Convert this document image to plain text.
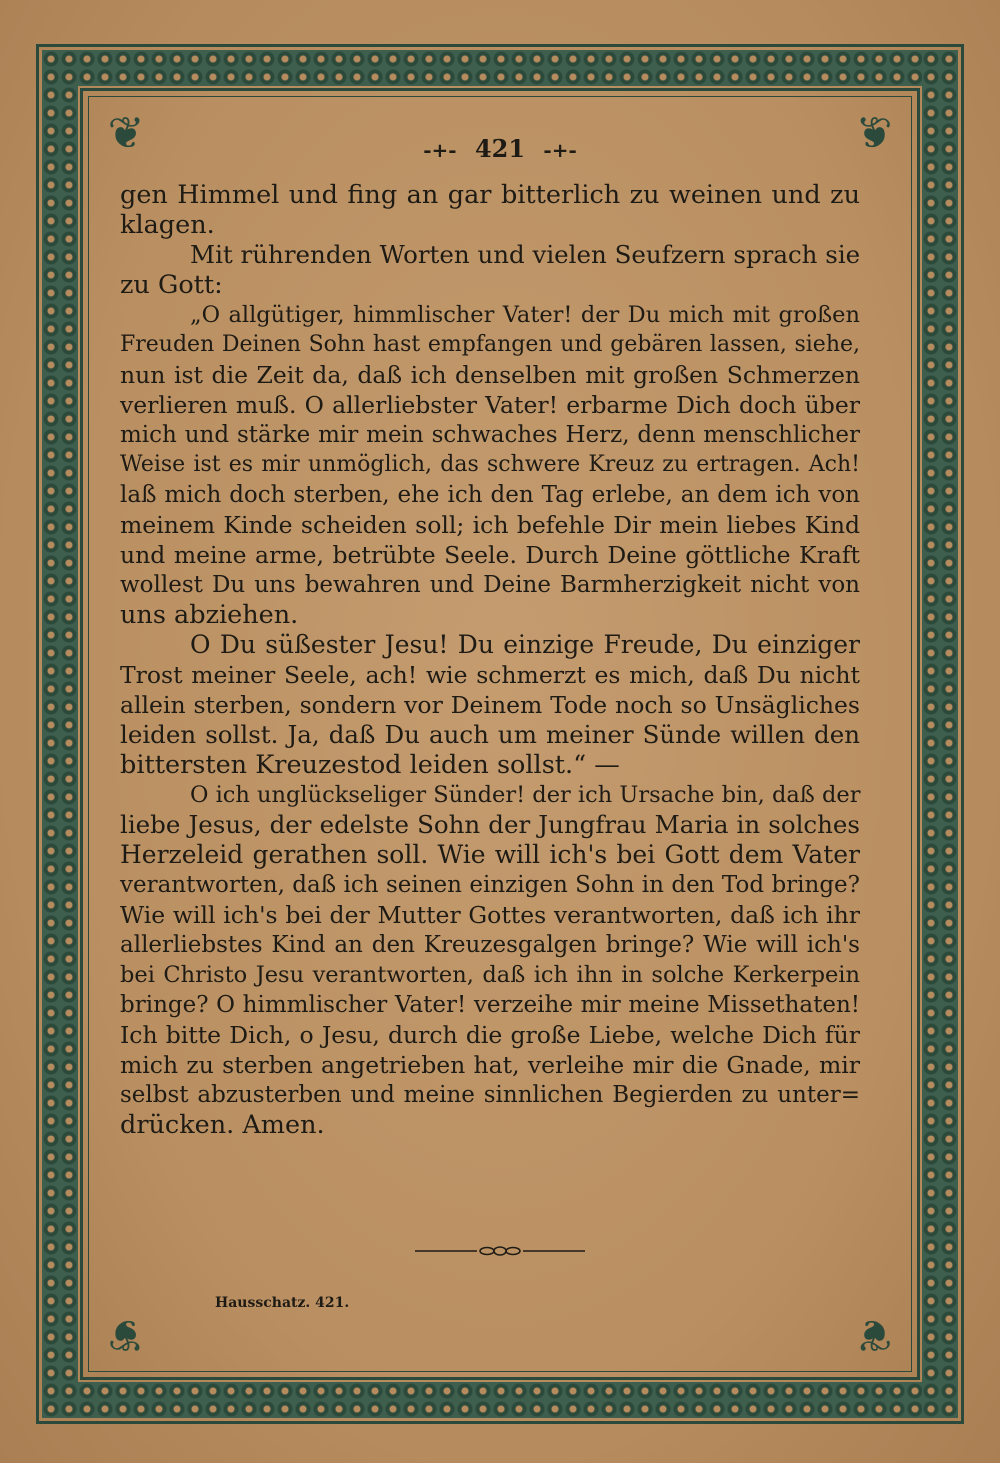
❦	❦
❦	❦
-+- 421 -+-
gen Himmel und fing an gar bitterlich zu weinen und zu
klagen.
Mit rührenden Worten und vielen Seufzern sprach sie
zu Gott:
„O allgütiger, himmlischer Vater! der Du mich mit großen
Freuden Deinen Sohn hast empfangen und gebären lassen, siehe,
nun ist die Zeit da, daß ich denselben mit großen Schmerzen
verlieren muß. O allerliebster Vater! erbarme Dich doch über
mich und stärke mir mein schwaches Herz, denn menschlicher
Weise ist es mir unmöglich, das schwere Kreuz zu ertragen. Ach!
laß mich doch sterben, ehe ich den Tag erlebe, an dem ich von
meinem Kinde scheiden soll; ich befehle Dir mein liebes Kind
und meine arme, betrübte Seele. Durch Deine göttliche Kraft
wollest Du uns bewahren und Deine Barmherzigkeit nicht von
uns abziehen.
O Du süßester Jesu! Du einzige Freude, Du einziger
Trost meiner Seele, ach! wie schmerzt es mich, daß Du nicht
allein sterben, sondern vor Deinem Tode noch so Unsägliches
leiden sollst. Ja, daß Du auch um meiner Sünde willen den
bittersten Kreuzestod leiden sollst.“ —
O ich unglückseliger Sünder! der ich Ursache bin, daß der
liebe Jesus, der edelste Sohn der Jungfrau Maria in solches
Herzeleid gerathen soll. Wie will ich's bei Gott dem Vater
verantworten, daß ich seinen einzigen Sohn in den Tod bringe?
Wie will ich's bei der Mutter Gottes verantworten, daß ich ihr
allerliebstes Kind an den Kreuzesgalgen bringe? Wie will ich's
bei Christo Jesu verantworten, daß ich ihn in solche Kerkerpein
bringe? O himmlischer Vater! verzeihe mir meine Missethaten!
Ich bitte Dich, o Jesu, durch die große Liebe, welche Dich für
mich zu sterben angetrieben hat, verleihe mir die Gnade, mir
selbst abzusterben und meine sinnlichen Begierden zu unter=
drücken. Amen.
Hausschatz. 421.
